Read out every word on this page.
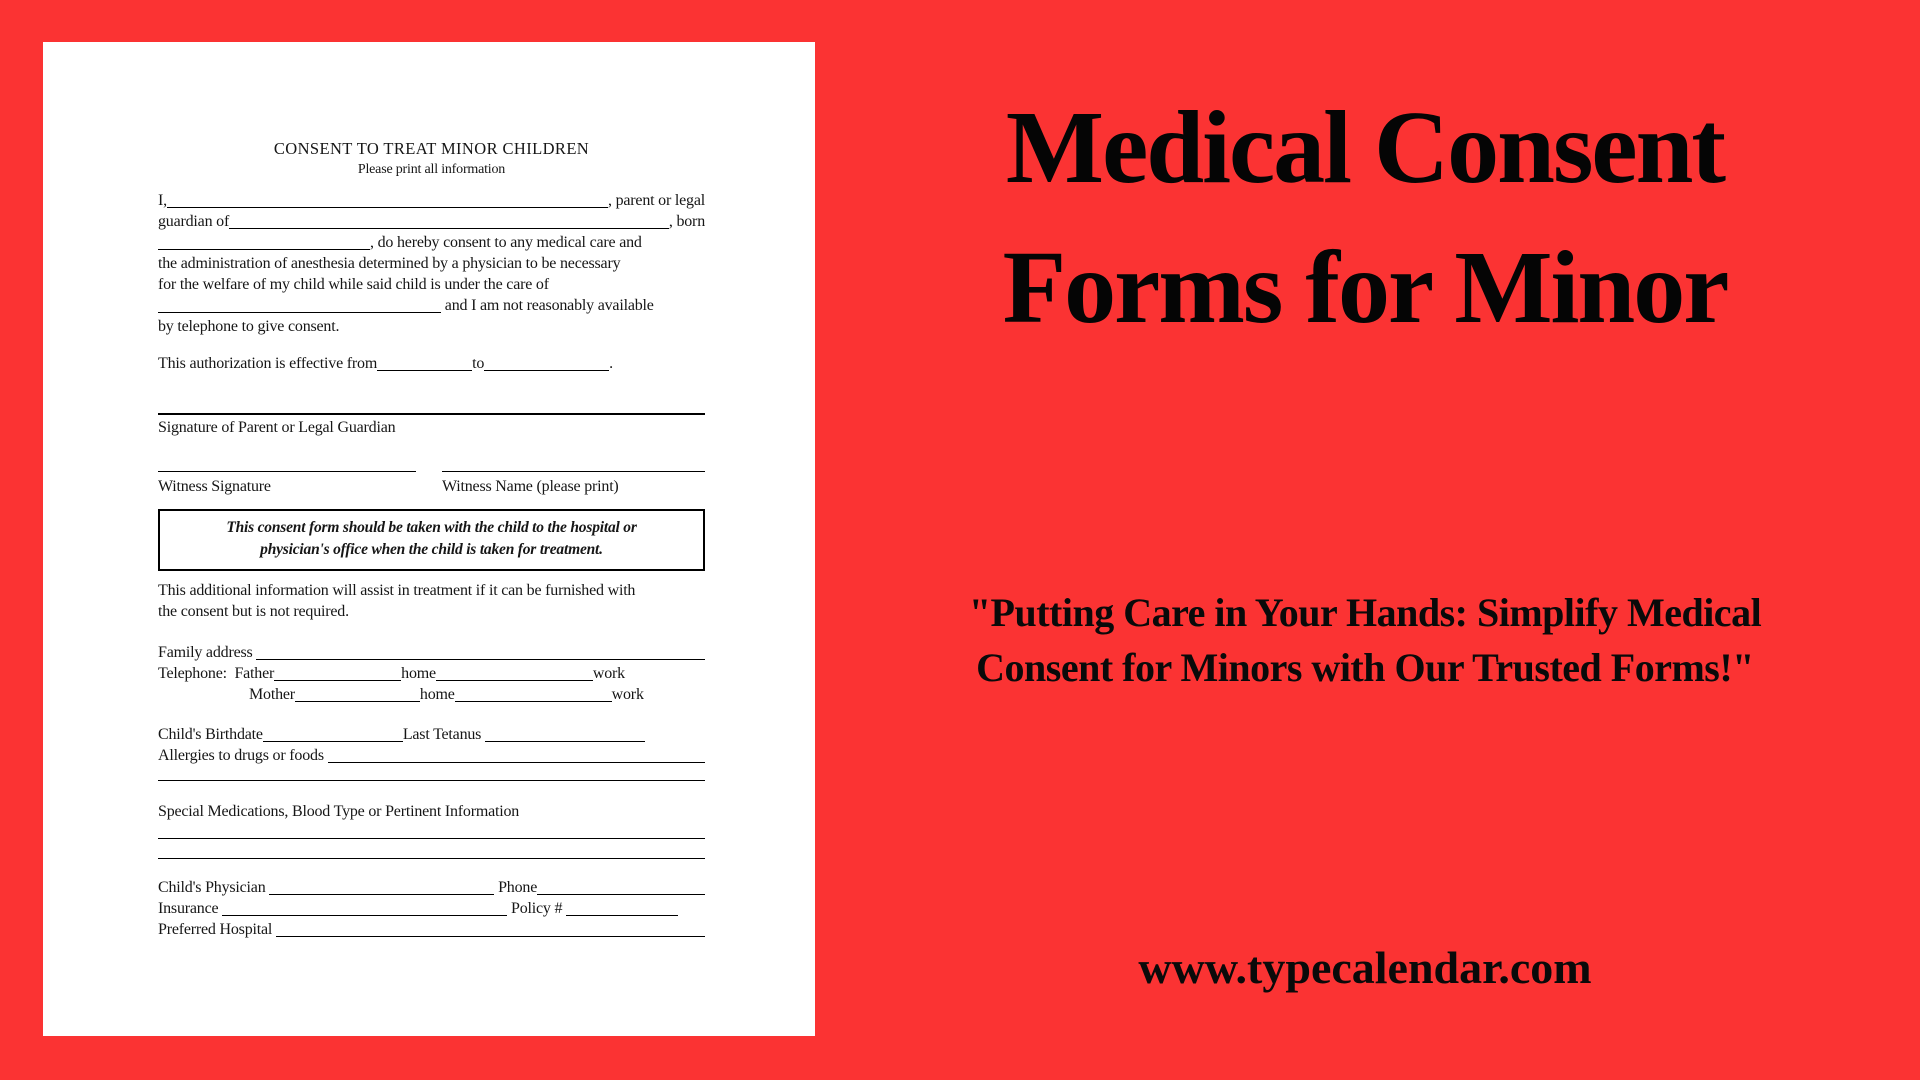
CONSENT TO TREAT MINOR CHILDREN
Please print all information
I,	, parent or legal
guardian of	, born
, do hereby consent to any medical care and
the administration of anesthesia determined by a physician to be necessary
for the welfare of my child while said child is under the care of
and I am not reasonably available
by telephone to give consent.
This authorization is effective from	to	.
Signature of Parent or Legal Guardian
Witness Signature	Witness Name (please print)
This consent form should be taken with the child to the hospital or
physician's office when the child is taken for treatment.
This additional information will assist in treatment if it can be furnished with
the consent but is not required.
Family address
Telephone:  Father	home	work
Mother	home	work
Child's Birthdate	Last Tetanus
Allergies to drugs or foods
Special Medications, Blood Type or Pertinent Information
Child's Physician	Phone
Insurance	Policy #
Preferred Hospital
Medical Consent
Forms for Minor
"Putting Care in Your Hands: Simplify Medical
Consent for Minors with Our Trusted Forms!"
www.typecalendar.com
